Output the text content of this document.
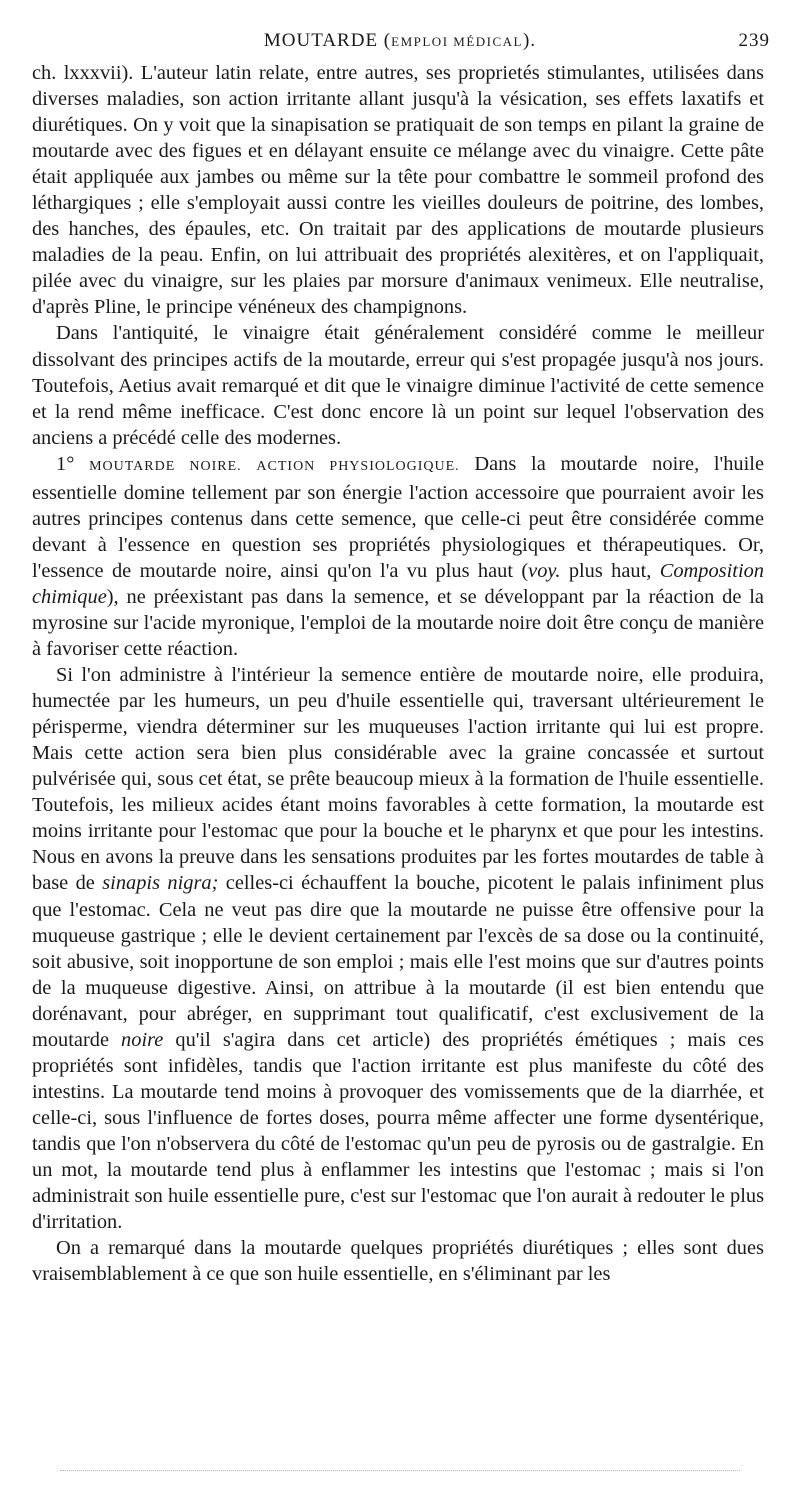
MOUTARDE (EMPLOI MÉDICAL).	239

ch. lxxxvii). L'auteur latin relate, entre autres, ses proprietés stimulantes, utilisées dans diverses maladies, son action irritante allant jusqu'à la vésication, ses effets laxatifs et diurétiques. On y voit que la sinapisation se pratiquait de son temps en pilant la graine de moutarde avec des figues et en délayant ensuite ce mélange avec du vinaigre. Cette pâte était appliquée aux jambes ou même sur la tête pour combattre le sommeil profond des léthargiques ; elle s'employait aussi contre les vieilles douleurs de poitrine, des lombes, des hanches, des épaules, etc. On traitait par des applications de moutarde plusieurs maladies de la peau. Enfin, on lui attribuait des propriétés alexitères, et on l'appliquait, pilée avec du vinaigre, sur les plaies par morsure d'animaux venimeux. Elle neutralise, d'après Pline, le principe vénéneux des champignons.

Dans l'antiquité, le vinaigre était généralement considéré comme le meilleur dissolvant des principes actifs de la moutarde, erreur qui s'est propagée jusqu'à nos jours. Toutefois, Aetius avait remarqué et dit que le vinaigre diminue l'activité de cette semence et la rend même inefficace. C'est donc encore là un point sur lequel l'observation des anciens a précédé celle des modernes.

1° MOUTARDE NOIRE. ACTION PHYSIOLOGIQUE. Dans la moutarde noire, l'huile essentielle domine tellement par son énergie l'action accessoire que pourraient avoir les autres principes contenus dans cette semence, que celle-ci peut être considérée comme devant à l'essence en question ses propriétés physiologiques et thérapeutiques. Or, l'essence de moutarde noire, ainsi qu'on l'a vu plus haut (voy. plus haut, Composition chimique), ne préexistant pas dans la semence, et se développant par la réaction de la myrosine sur l'acide myronique, l'emploi de la moutarde noire doit être conçu de manière à favoriser cette réaction.

Si l'on administre à l'intérieur la semence entière de moutarde noire, elle produira, humectée par les humeurs, un peu d'huile essentielle qui, traversant ultérieurement le périsperme, viendra déterminer sur les muqueuses l'action irritante qui lui est propre. Mais cette action sera bien plus considérable avec la graine concassée et surtout pulvérisée qui, sous cet état, se prête beaucoup mieux à la formation de l'huile essentielle. Toutefois, les milieux acides étant moins favorables à cette formation, la moutarde est moins irritante pour l'estomac que pour la bouche et le pharynx et que pour les intestins. Nous en avons la preuve dans les sensations produites par les fortes moutardes de table à base de sinapis nigra; celles-ci échauffent la bouche, picotent le palais infiniment plus que l'estomac. Cela ne veut pas dire que la moutarde ne puisse être offensive pour la muqueuse gastrique ; elle le devient certainement par l'excès de sa dose ou la continuité, soit abusive, soit inopportune de son emploi ; mais elle l'est moins que sur d'autres points de la muqueuse digestive. Ainsi, on attribue à la moutarde (il est bien entendu que dorénavant, pour abréger, en supprimant tout qualificatif, c'est exclusivement de la moutarde noire qu'il s'agira dans cet article) des propriétés émétiques ; mais ces propriétés sont infidèles, tandis que l'action irritante est plus manifeste du côté des intestins. La moutarde tend moins à provoquer des vomissements que de la diarrhée, et celle-ci, sous l'influence de fortes doses, pourra même affecter une forme dysentérique, tandis que l'on n'observera du côté de l'estomac qu'un peu de pyrosis ou de gastralgie. En un mot, la moutarde tend plus à enflammer les intestins que l'estomac ; mais si l'on administrait son huile essentielle pure, c'est sur l'estomac que l'on aurait à redouter le plus d'irritation.

On a remarqué dans la moutarde quelques propriétés diurétiques ; elles sont dues vraisemblablement à ce que son huile essentielle, en s'éliminant par les
